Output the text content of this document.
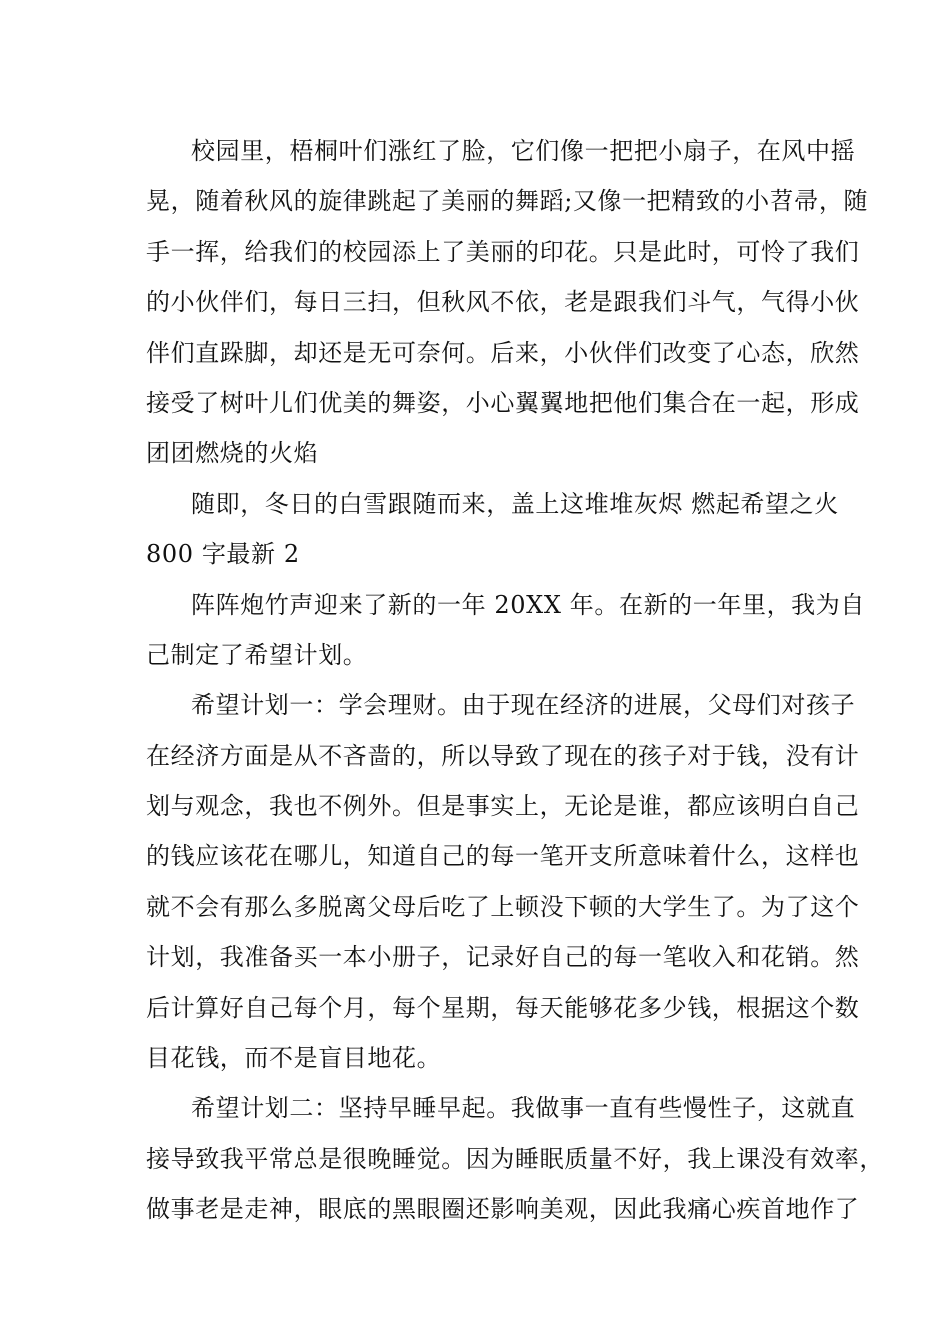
校园里，梧桐叶们涨红了脸，它们像一把把小扇子，在风中摇
晃，随着秋风的旋律跳起了美丽的舞蹈;又像一把精致的小苕帚，随
手一挥，给我们的校园添上了美丽的印花。只是此时，可怜了我们
的小伙伴们，每日三扫，但秋风不依，老是跟我们斗气，气得小伙
伴们直跺脚，却还是无可奈何。后来，小伙伴们改变了心态，欣然
接受了树叶儿们优美的舞姿，小心翼翼地把他们集合在一起，形成
团团燃烧的火焰
随即，冬日的白雪跟随而来，盖上这堆堆灰烬 燃起希望之火
800 字最新 2
阵阵炮竹声迎来了新的一年 20XX 年。在新的一年里，我为自
己制定了希望计划。
希望计划一：学会理财。由于现在经济的进展，父母们对孩子
在经济方面是从不吝啬的，所以导致了现在的孩子对于钱，没有计
划与观念，我也不例外。但是事实上，无论是谁，都应该明白自己
的钱应该花在哪儿，知道自己的每一笔开支所意味着什么，这样也
就不会有那么多脱离父母后吃了上顿没下顿的大学生了。为了这个
计划，我准备买一本小册子，记录好自己的每一笔收入和花销。然
后计算好自己每个月，每个星期，每天能够花多少钱，根据这个数
目花钱，而不是盲目地花。
希望计划二：坚持早睡早起。我做事一直有些慢性子，这就直
接导致我平常总是很晚睡觉。因为睡眠质量不好，我上课没有效率，
做事老是走神，眼底的黑眼圈还影响美观，因此我痛心疾首地作了
